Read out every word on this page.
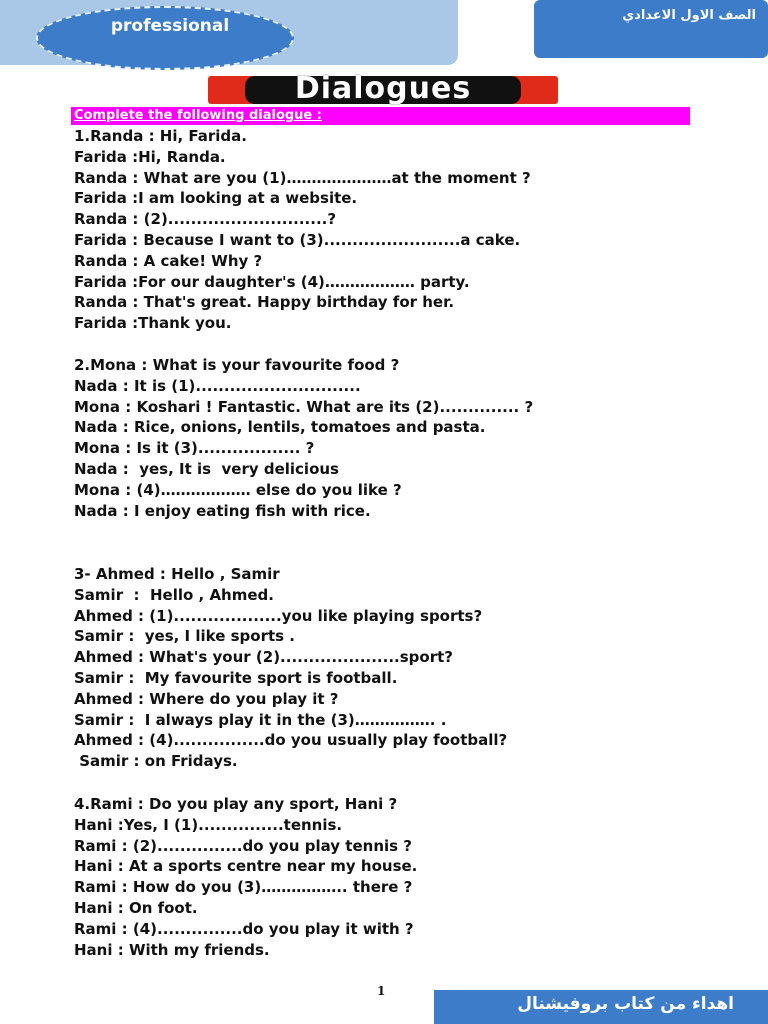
professional
الصف الاول الاعدادي
Dialogues
Complete the following dialogue :
1.Randa : Hi, Farida.
Farida :Hi, Randa.
Randa : What are you (1)…………………at the moment ?
Farida :I am looking at a website.
Randa : (2)............................?
Farida : Because I want to (3)........................a cake.
Randa : A cake! Why ?
Farida :For our daughter's (4)……………… party.
Randa : That's great. Happy birthday for her.
Farida :Thank you.
2.Mona : What is your favourite food ?
Nada : It is (1).............................
Mona : Koshari ! Fantastic. What are its (2).............. ?
Nada : Rice, onions, lentils, tomatoes and pasta.
Mona : Is it (3).................. ?
Nada :  yes, It is  very delicious
Mona : (4)……………… else do you like ?
Nada : I enjoy eating fish with rice.
3- Ahmed : Hello , Samir
Samir  :  Hello , Ahmed.
Ahmed : (1)...................you like playing sports?
Samir :  yes, I like sports .
Ahmed : What's your (2).....................sport?
Samir :  My favourite sport is football.
Ahmed : Where do you play it ?
Samir :  I always play it in the (3)……………. .
Ahmed : (4)................do you usually play football?
Samir : on Fridays.
4.Rami : Do you play any sport, Hani ?
Hani :Yes, I (1)...............tennis.
Rami : (2)...............do you play tennis ?
Hani : At a sports centre near my house.
Rami : How do you (3)…………….. there ?
Hani : On foot.
Rami : (4)...............do you play it with ?
Hani : With my friends.
1
اهداء من كتاب بروفيشنال
